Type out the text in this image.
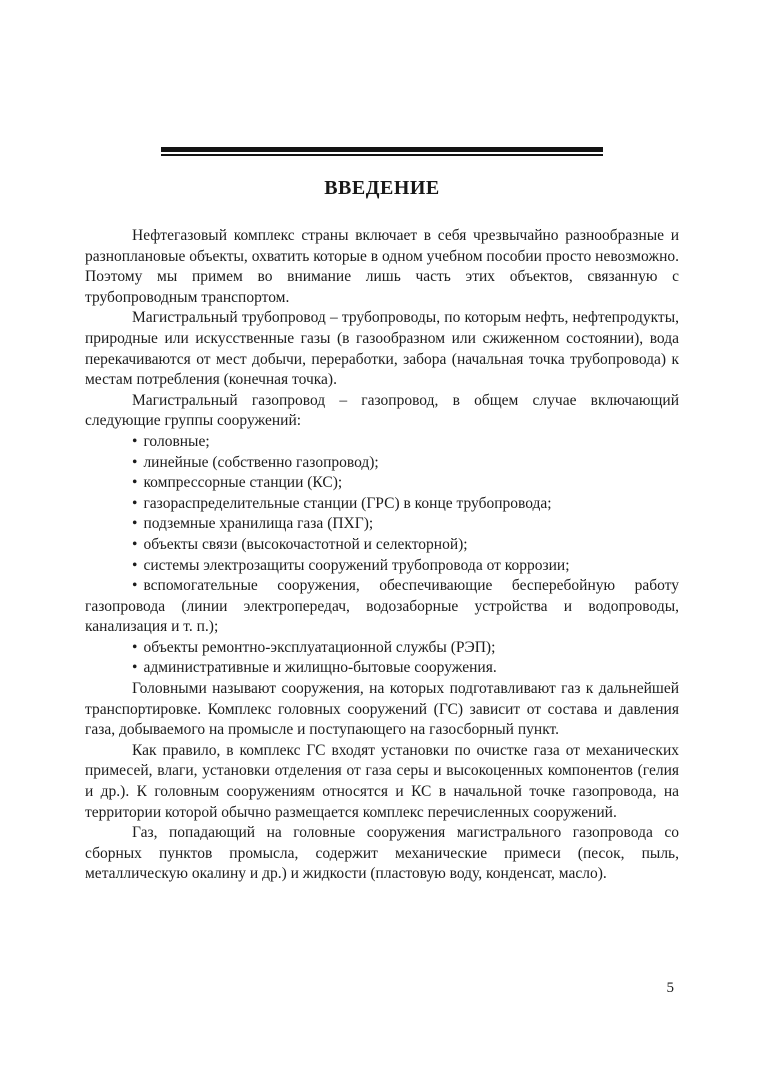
ВВЕДЕНИЕ

Нефтегазовый комплекс страны включает в себя чрезвычайно разнообразные и разноплановые объекты, охватить которые в одном учебном пособии просто невозможно. Поэтому мы примем во внимание лишь часть этих объектов, связанную с трубопроводным транспортом.

Магистральный трубопровод – трубопроводы, по которым нефть, нефтепродукты, природные или искусственные газы (в газообразном или сжиженном состоянии), вода перекачиваются от мест добычи, переработки, забора (начальная точка трубопровода) к местам потребления (конечная точка).

Магистральный газопровод – газопровод, в общем случае включающий следующие группы сооружений:

• головные;

• линейные (собственно газопровод);

• компрессорные станции (КС);

• газораспределительные станции (ГРС) в конце трубопровода;

• подземные хранилища газа (ПХГ);

• объекты связи (высокочастотной и селекторной);

• системы электрозащиты сооружений трубопровода от коррозии;

• вспомогательные сооружения, обеспечивающие бесперебойную работу газопровода (линии электропередач, водозаборные устройства и водопроводы, канализация и т. п.);

• объекты ремонтно-эксплуатационной службы (РЭП);

• административные и жилищно-бытовые сооружения.

Головными называют сооружения, на которых подготавливают газ к дальнейшей транспортировке. Комплекс головных сооружений (ГС) зависит от состава и давления газа, добываемого на промысле и поступающего на газосборный пункт.

Как правило, в комплекс ГС входят установки по очистке газа от механических примесей, влаги, установки отделения от газа серы и высокоценных компонентов (гелия и др.). К головным сооружениям относятся и КС в начальной точке газопровода, на территории которой обычно размещается комплекс перечисленных сооружений.

Газ, попадающий на головные сооружения магистрального газопровода со сборных пунктов промысла, содержит механические примеси (песок, пыль, металлическую окалину и др.) и жидкости (пластовую воду, конденсат, масло).

5
